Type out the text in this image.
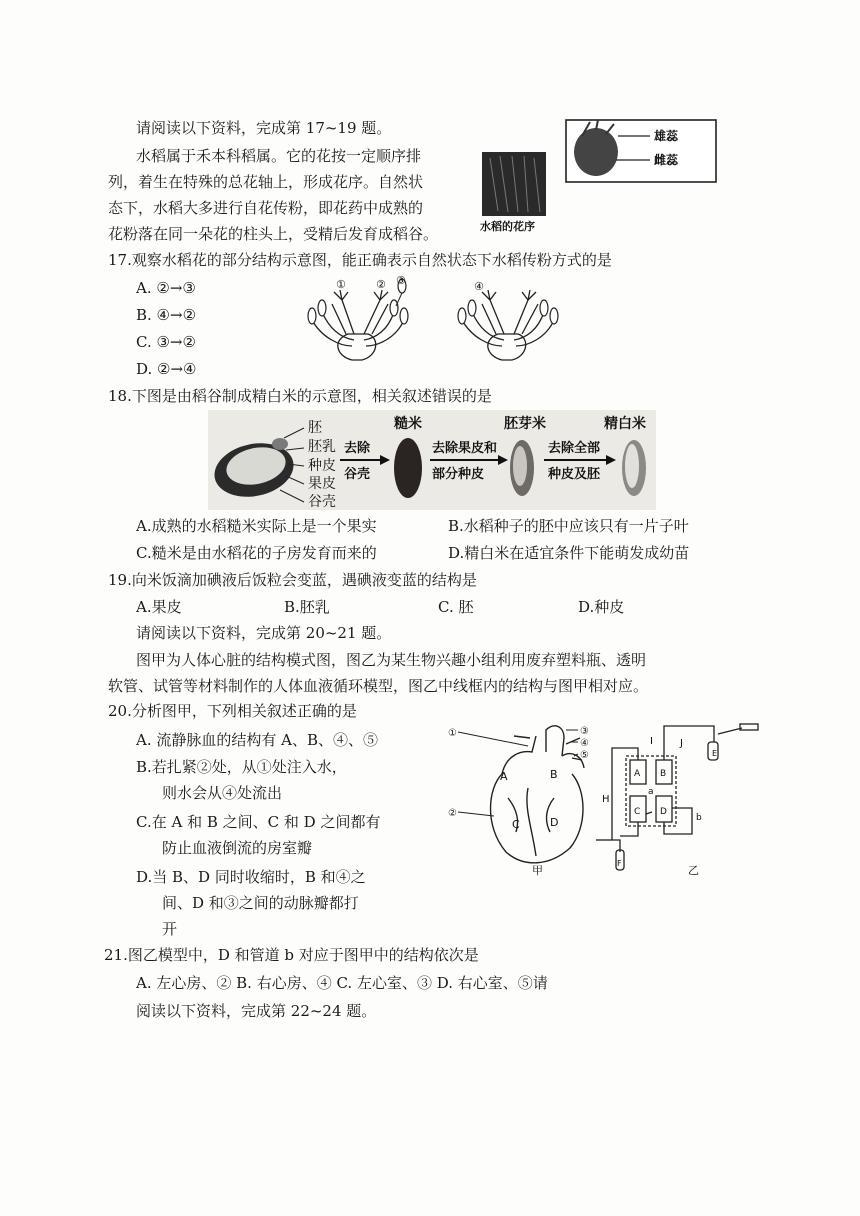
请阅读以下资料，完成第 17~19 题。
水稻属于禾本科稻属。它的花按一定顺序排
列，着生在特殊的总花轴上，形成花序。自然状
态下，水稻大多进行自花传粉，即花药中成熟的
花粉落在同一朵花的柱头上，受精后发育成稻谷。
雄蕊
雌蕊
水稻的花序
17.观察水稻花的部分结构示意图，能正确表示自然状态下水稻传粉方式的是
A. ②→③
B. ④→②
C. ③→②
D. ②→④
①	② ③	④
18.下图是由稻谷制成精白米的示意图，相关叙述错误的是
胚
胚乳
种皮
果皮
谷壳
去除
谷壳
糙米
去除果皮和
部分种皮
胚芽米
去除全部
种皮及胚
精白米
A.成熟的水稻糙米实际上是一个果实	B.水稻种子的胚中应该只有一片子叶
C.糙米是由水稻花的子房发育而来的	D.精白米在适宜条件下能萌发成幼苗
19.向米饭滴加碘液后饭粒会变蓝，遇碘液变蓝的结构是
A.果皮	B.胚乳	C. 胚	D.种皮
请阅读以下资料，完成第 20~21 题。
图甲为人体心脏的结构模式图，图乙为某生物兴趣小组利用废弃塑料瓶、透明
软管、试管等材料制作的人体血液循环模型，图乙中线框内的结构与图甲相对应。
20.分析图甲，下列相关叙述正确的是
A. 流静脉血的结构有 A、B、④、⑤
B.若扎紧②处，从①处注入水，
则水会从④处流出
C.在 A 和 B 之间、C 和 D 之间都有
防止血液倒流的房室瓣
D.当 B、D 同时收缩时，B 和④之
间、D 和③之间的动脉瓣都打
开
①
②
③
④
⑤
A	B
C	D
甲
A B
C D
E
F
I	J
H
a
b
乙
21.图乙模型中，D 和管道 b 对应于图甲中的结构依次是
A. 左心房、② B. 右心房、④ C. 左心室、③ D. 右心室、⑤请
阅读以下资料，完成第 22~24 题。
